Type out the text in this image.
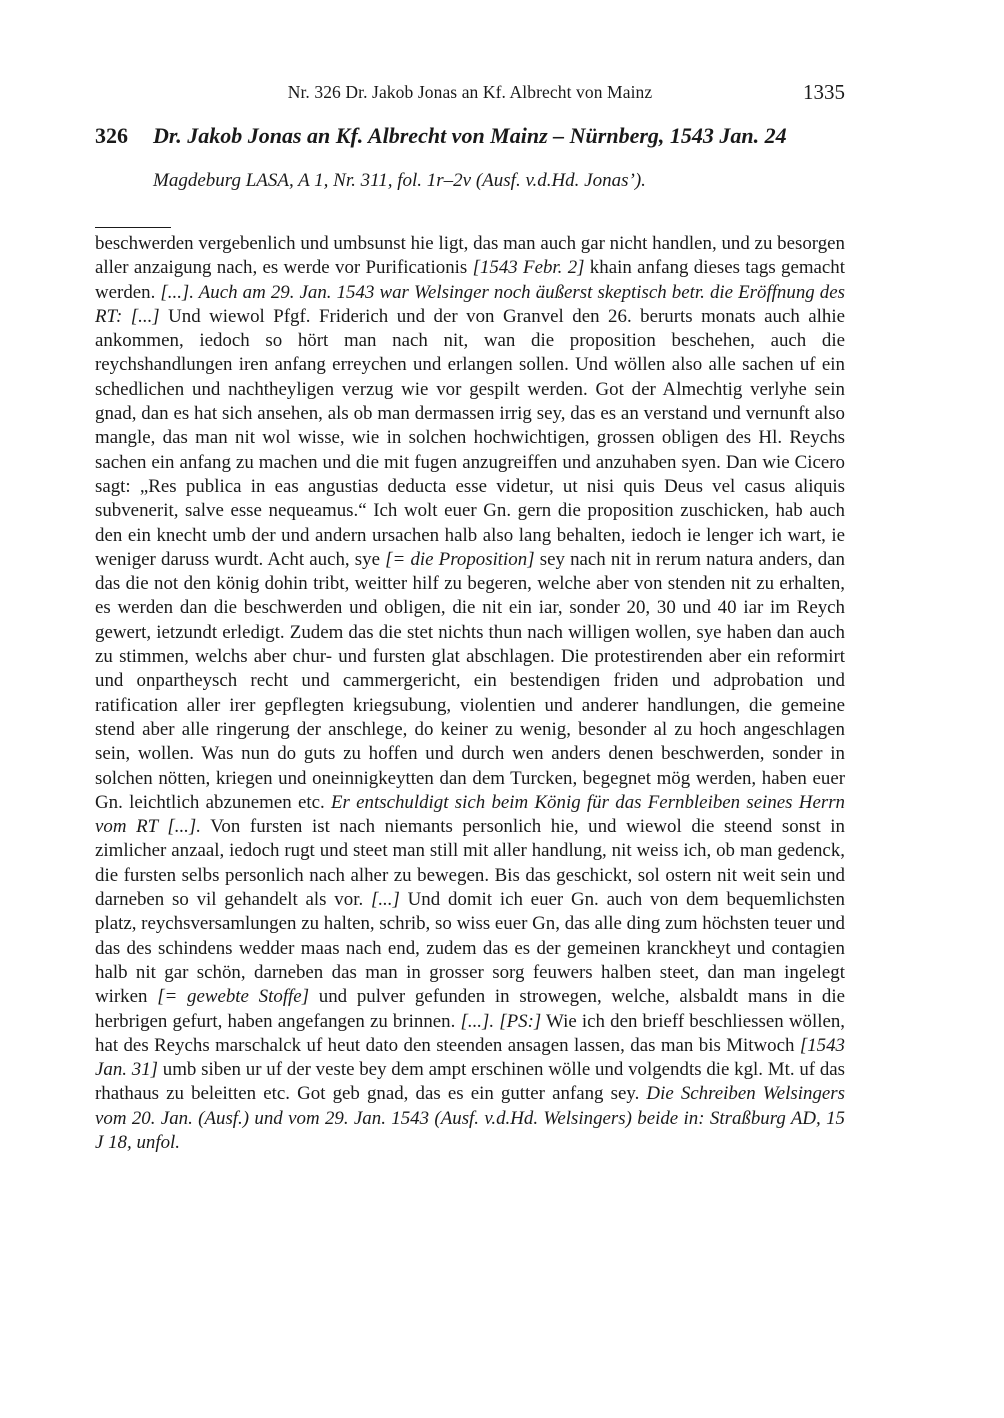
Nr. 326 Dr. Jakob Jonas an Kf. Albrecht von Mainz	1335
326 Dr. Jakob Jonas an Kf. Albrecht von Mainz – Nürnberg, 1543 Jan. 24
Magdeburg LASA, A 1, Nr. 311, fol. 1r–2v (Ausf. v.d.Hd. Jonas’).

beschwerden vergebenlich und umbsunst hie ligt, das man auch gar nicht handlen, und zu besorgen aller anzaigung nach, es werde vor Purificationis [1543 Febr. 2] khain anfang dieses tags gemacht werden. [...]. Auch am 29. Jan. 1543 war Welsinger noch äußerst skeptisch betr. die Eröffnung des RT: [...] Und wiewol Pfgf. Friderich und der von Granvel den 26. berurts monats auch alhie ankommen, iedoch so hört man nach nit, wan die proposition beschehen, auch die reychshandlungen iren anfang erreychen und erlangen sollen. Und wöllen also alle sachen uf ein schedlichen und nachtheyligen verzug wie vor gespilt werden. Got der Almechtig verlyhe sein gnad, dan es hat sich ansehen, als ob man dermassen irrig sey, das es an verstand und vernunft also mangle, das man nit wol wisse, wie in solchen hochwichtigen, grossen obligen des Hl. Reychs sachen ein anfang zu machen und die mit fugen anzugreiffen und anzuhaben syen. Dan wie Cicero sagt: „Res publica in eas angustias deducta esse videtur, ut nisi quis Deus vel casus aliquis subvenerit, salve esse nequeamus.“ Ich wolt euer Gn. gern die proposition zuschicken, hab auch den ein knecht umb der und andern ursachen halb also lang behalten, iedoch ie lenger ich wart, ie weniger daruss wurdt. Acht auch, sye [= die Proposition] sey nach nit in rerum natura anders, dan das die not den könig dohin tribt, weitter hilf zu begeren, welche aber von stenden nit zu erhalten, es werden dan die beschwerden und obligen, die nit ein iar, sonder 20, 30 und 40 iar im Reych gewert, ietzundt erledigt. Zudem das die stet nichts thun nach willigen wollen, sye haben dan auch zu stimmen, welchs aber chur- und fursten glat abschlagen. Die protestirenden aber ein reformirt und onpartheysch recht und cammergericht, ein bestendigen friden und adprobation und ratification aller irer gepflegten kriegsubung, violentien und anderer handlungen, die gemeine stend aber alle ringerung der anschlege, do keiner zu wenig, besonder al zu hoch angeschlagen sein, wollen. Was nun do guts zu hoffen und durch wen anders denen beschwerden, sonder in solchen nötten, kriegen und oneinnigkeytten dan dem Turcken, begegnet mög werden, haben euer Gn. leichtlich abzunemen etc. Er entschuldigt sich beim König für das Fernbleiben seines Herrn vom RT [...]. Von fursten ist nach niemants personlich hie, und wiewol die steend sonst in zimlicher anzaal, iedoch rugt und steet man still mit aller handlung, nit weiss ich, ob man gedenck, die fursten selbs personlich nach alher zu bewegen. Bis das geschickt, sol ostern nit weit sein und darneben so vil gehandelt als vor. [...] Und domit ich euer Gn. auch von dem bequemlichsten platz, reychsversamlungen zu halten, schrib, so wiss euer Gn, das alle ding zum höchsten teuer und das des schindens wedder maas nach end, zudem das es der gemeinen kranckheyt und contagien halb nit gar schön, darneben das man in grosser sorg feuwers halben steet, dan man ingelegt wirken [= gewebte Stoffe] und pulver gefunden in strowegen, welche, alsbaldt mans in die herbrigen gefurt, haben angefangen zu brinnen. [...]. [PS:] Wie ich den brieff beschliessen wöllen, hat des Reychs marschalck uf heut dato den steenden ansagen lassen, das man bis Mitwoch [1543 Jan. 31] umb siben ur uf der veste bey dem ampt erschinen wölle und volgendts die kgl. Mt. uf das rhathaus zu beleitten etc. Got geb gnad, das es ein gutter anfang sey. Die Schreiben Welsingers vom 20. Jan. (Ausf.) und vom 29. Jan. 1543 (Ausf. v.d.Hd. Welsingers) beide in: Straßburg AD, 15 J 18, unfol.
